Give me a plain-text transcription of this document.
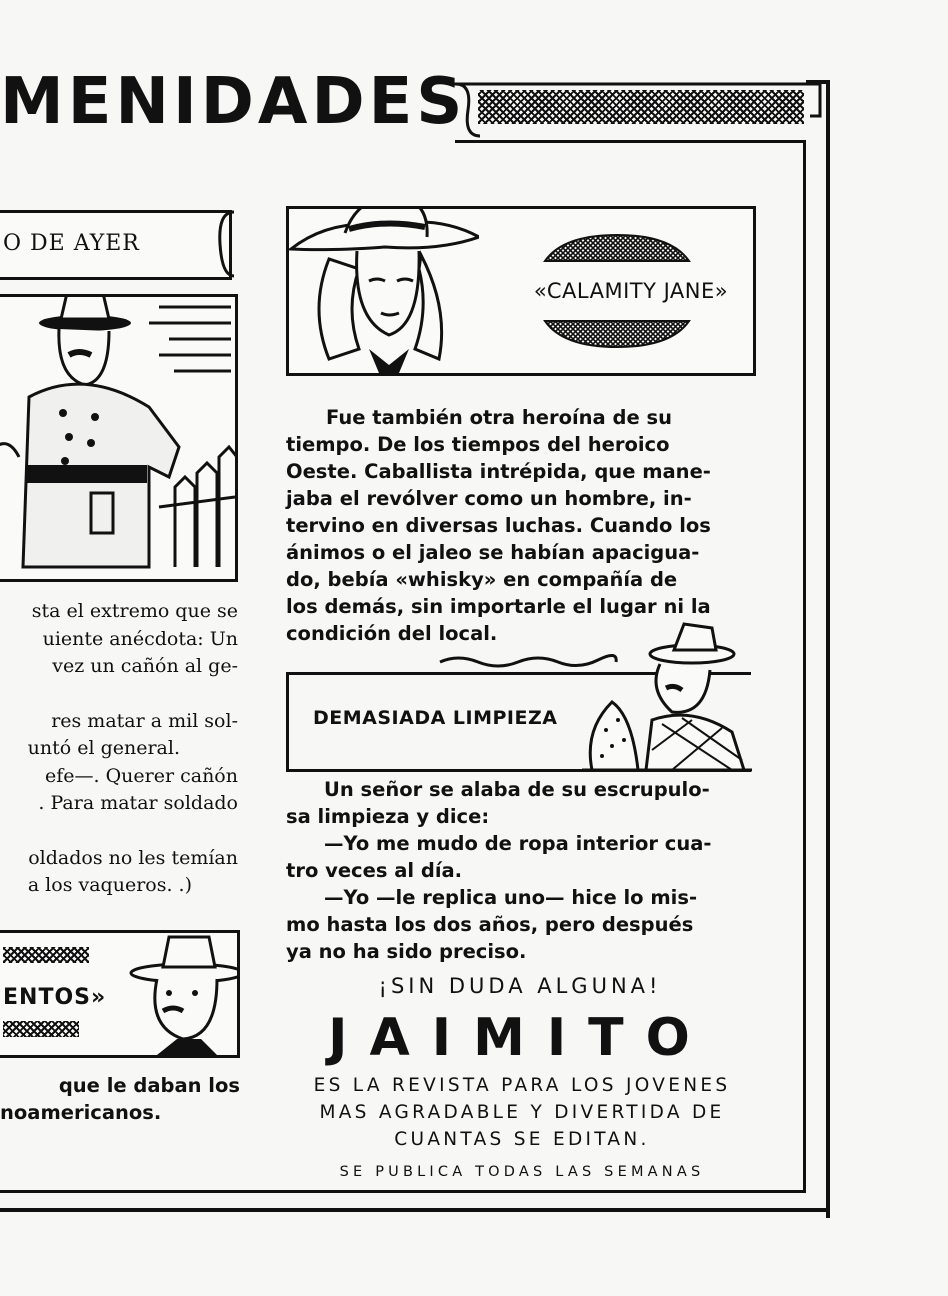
MENIDADES
O DE AYER
sta el extremo que se
uiente anécdota: Un
vez un cañón al ge-
res matar a mil sol-
untó el general.
efe—. Querer cañón
. Para matar soldado
oldados no les temían
a los vaqueros. .)
ENTOS»
que le daban los
noamericanos.
«CALAMITY JANE»
Fue también otra heroína de su
tiempo. De los tiempos del heroico
Oeste. Caballista intrépida, que mane-
jaba el revólver como un hombre, in-
tervino en diversas luchas. Cuando los
ánimos o el jaleo se habían apacigua-
do, bebía «whisky» en compañía de
los demás, sin importarle el lugar ni la
condición del local.
DEMASIADA LIMPIEZA
Un señor se alaba de su escrupulo-
sa limpieza y dice:
—Yo me mudo de ropa interior cua-
tro veces al día.
—Yo —le replica uno— hice lo mis-
mo hasta los dos años, pero después
ya no ha sido preciso.
¡SIN DUDA ALGUNA!
JAIMITO
ES LA REVISTA PARA LOS JOVENES
MAS AGRADABLE Y DIVERTIDA DE
CUANTAS SE EDITAN.
SE PUBLICA TODAS LAS SEMANAS
